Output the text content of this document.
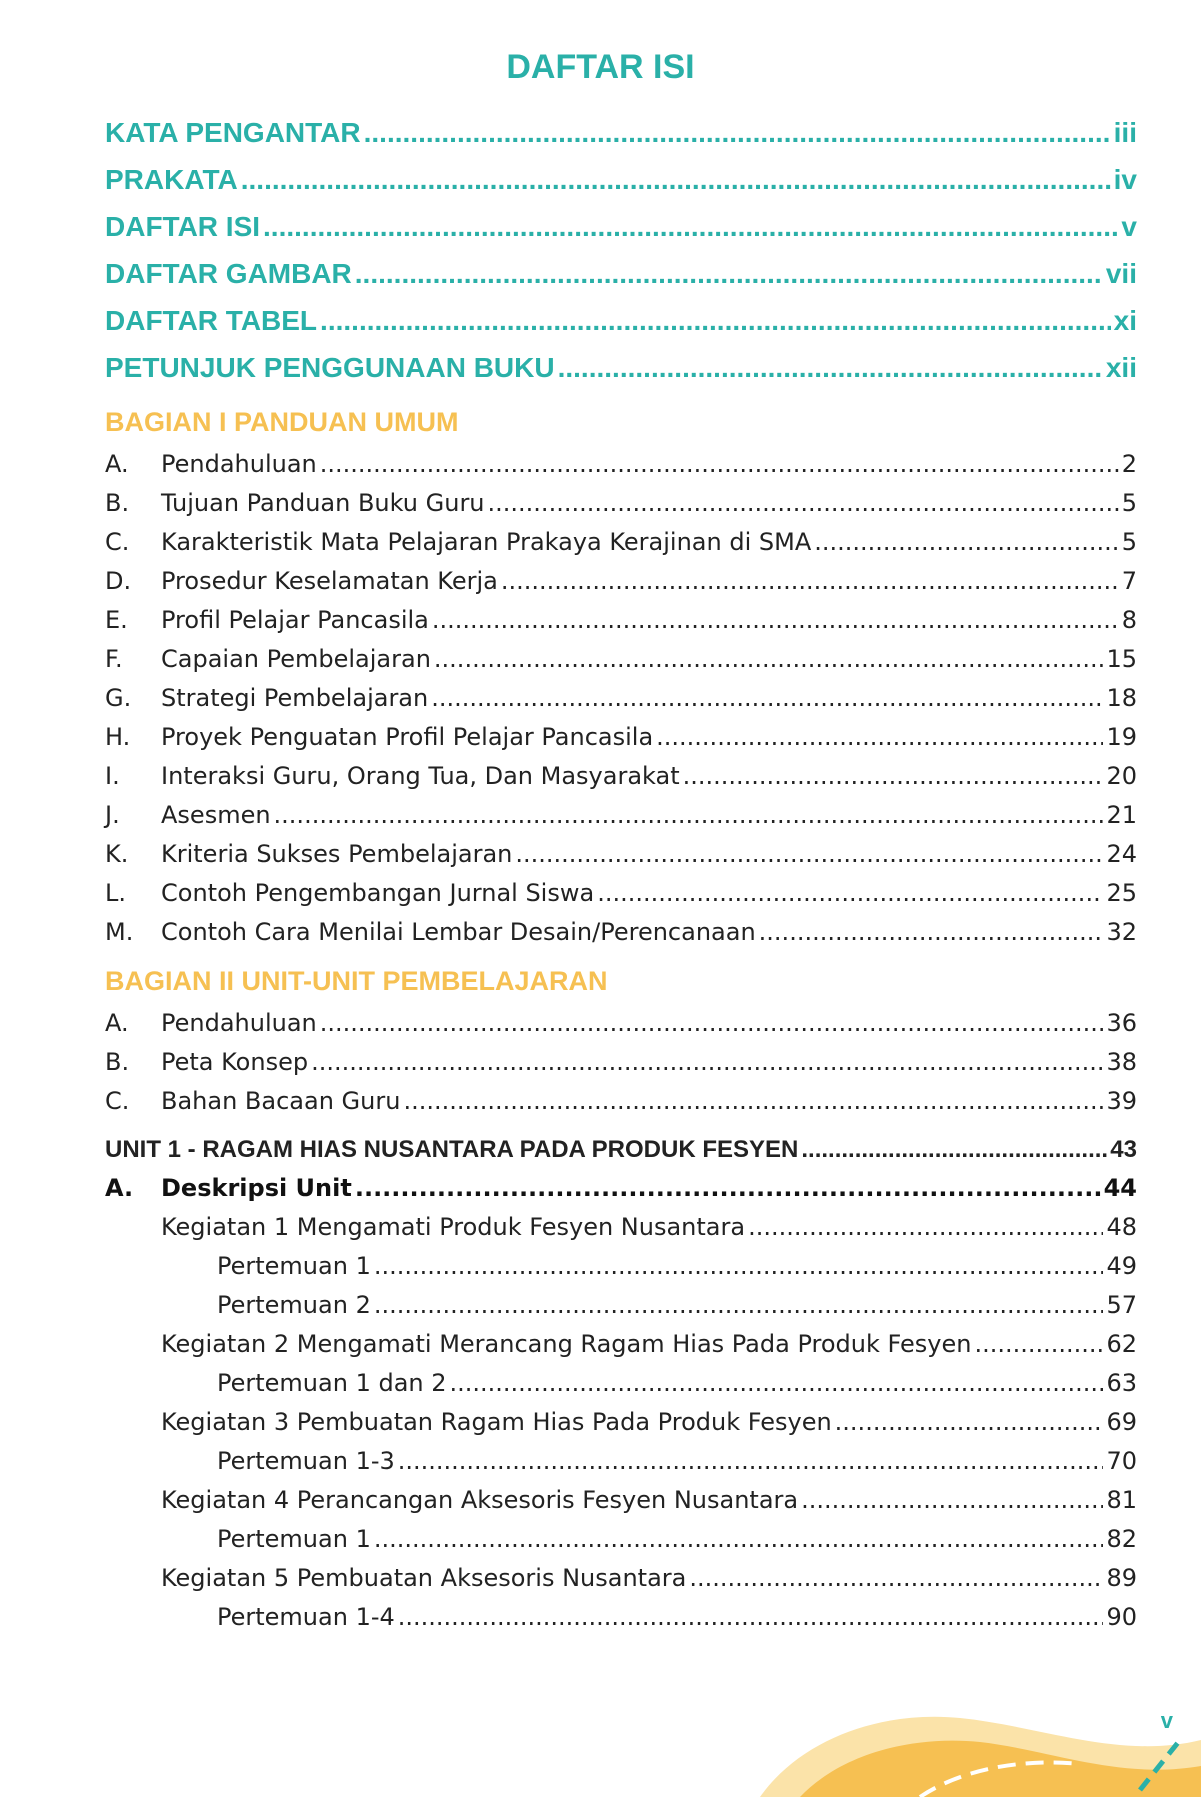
DAFTAR ISI
KATA PENGANTAR .....	iii
PRAKATA .....	iv
DAFTAR ISI .....	v
DAFTAR GAMBAR .....	vii
DAFTAR TABEL .....	xi
PETUNJUK PENGGUNAAN BUKU .....	xii
BAGIAN I PANDUAN UMUM
A.	Pendahuluan .....	2
B.	Tujuan Panduan Buku Guru .....	5
C.	Karakteristik Mata Pelajaran Prakaya Kerajinan di SMA .....	5
D.	Prosedur Keselamatan Kerja .....	7
E.	Profil Pelajar Pancasila .....	8
F.	Capaian Pembelajaran .....	15
G.	Strategi Pembelajaran .....	18
H.	Proyek Penguatan Profil Pelajar Pancasila .....	19
I.	Interaksi Guru, Orang Tua, Dan Masyarakat .....	20
J.	Asesmen .....	21
K.	Kriteria Sukses Pembelajaran .....	24
L.	Contoh Pengembangan Jurnal Siswa .....	25
M.	Contoh Cara Menilai Lembar Desain/Perencanaan .....	32
BAGIAN II UNIT-UNIT PEMBELAJARAN
A.	Pendahuluan .....	36
B.	Peta Konsep .....	38
C.	Bahan Bacaan Guru .....	39
UNIT 1 - RAGAM HIAS NUSANTARA PADA PRODUK FESYEN .....	43
A.	Deskripsi Unit .....	44
Kegiatan 1 Mengamati Produk Fesyen Nusantara .....	48
Pertemuan 1 .....	49
Pertemuan 2 .....	57
Kegiatan 2 Mengamati Merancang Ragam Hias Pada Produk Fesyen .....	62
Pertemuan 1 dan 2 .....	63
Kegiatan 3 Pembuatan Ragam Hias Pada Produk Fesyen .....	69
Pertemuan 1-3 .....	70
Kegiatan 4 Perancangan Aksesoris Fesyen Nusantara .....	81
Pertemuan 1 .....	82
Kegiatan 5 Pembuatan Aksesoris Nusantara .....	89
Pertemuan 1-4 .....	90
v
